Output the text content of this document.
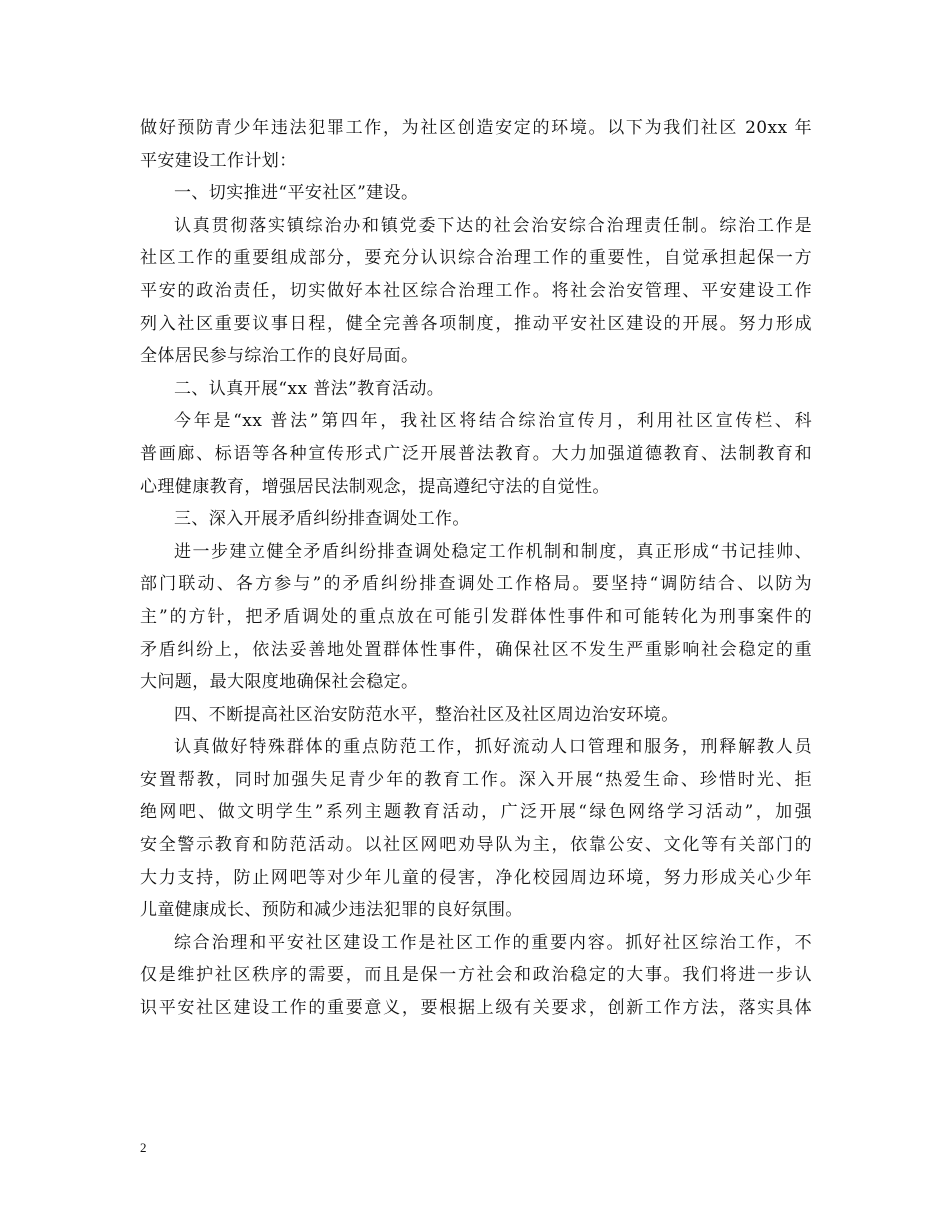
做好预防青少年违法犯罪工作，为社区创造安定的环境。以下为我们社区 20xx 年
平安建设工作计划：
一、切实推进“平安社区”建设。
认真贯彻落实镇综治办和镇党委下达的社会治安综合治理责任制。综治工作是
社区工作的重要组成部分，要充分认识综合治理工作的重要性，自觉承担起保一方
平安的政治责任，切实做好本社区综合治理工作。将社会治安管理、平安建设工作
列入社区重要议事日程，健全完善各项制度，推动平安社区建设的开展。努力形成
全体居民参与综治工作的良好局面。
二、认真开展“xx 普法”教育活动。
今年是“xx 普法”第四年，我社区将结合综治宣传月，利用社区宣传栏、科
普画廊、标语等各种宣传形式广泛开展普法教育。大力加强道德教育、法制教育和
心理健康教育，增强居民法制观念，提高遵纪守法的自觉性。
三、深入开展矛盾纠纷排查调处工作。
进一步建立健全矛盾纠纷排查调处稳定工作机制和制度，真正形成“书记挂帅、
部门联动、各方参与”的矛盾纠纷排查调处工作格局。要坚持“调防结合、以防为
主”的方针，把矛盾调处的重点放在可能引发群体性事件和可能转化为刑事案件的
矛盾纠纷上，依法妥善地处置群体性事件，确保社区不发生严重影响社会稳定的重
大问题，最大限度地确保社会稳定。
四、不断提高社区治安防范水平，整治社区及社区周边治安环境。
认真做好特殊群体的重点防范工作，抓好流动人口管理和服务，刑释解教人员
安置帮教，同时加强失足青少年的教育工作。深入开展“热爱生命、珍惜时光、拒
绝网吧、做文明学生”系列主题教育活动，广泛开展“绿色网络学习活动”，加强
安全警示教育和防范活动。以社区网吧劝导队为主，依靠公安、文化等有关部门的
大力支持，防止网吧等对少年儿童的侵害，净化校园周边环境，努力形成关心少年
儿童健康成长、预防和减少违法犯罪的良好氛围。
综合治理和平安社区建设工作是社区工作的重要内容。抓好社区综治工作，不
仅是维护社区秩序的需要，而且是保一方社会和政治稳定的大事。我们将进一步认
识平安社区建设工作的重要意义，要根据上级有关要求，创新工作方法，落实具体
2
